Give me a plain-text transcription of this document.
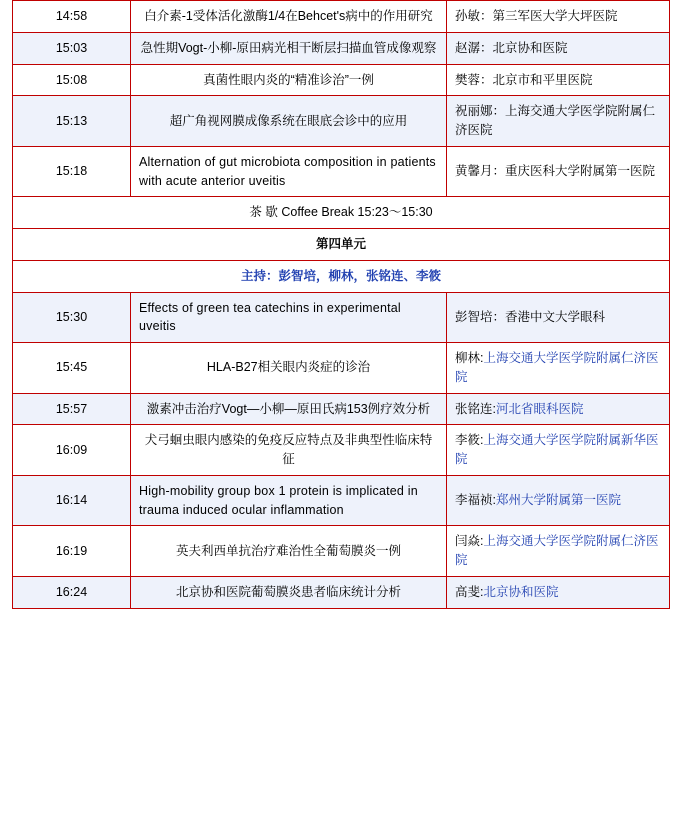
14:58	白介素-1受体活化激酶1/4在Behcet's病中的作用研究	孙敏：第三军医大学大坪医院
15:03	急性期Vogt-小柳-原田病光相干断层扫描血管成像观察	赵潺：北京协和医院
15:08	真菌性眼内炎的“精准诊治”一例	樊蓉：北京市和平里医院
15:13	超广角视网膜成像系统在眼底会诊中的应用	祝丽娜：上海交通大学医学院附属仁济医院
15:18	Alternation of gut microbiota composition in patients with acute anterior uveitis	黄馨月：重庆医科大学附属第一医院
茶 歇 Coffee Break 15:23～15:30		
第四单元		
主持：彭智培，柳林，张铭连、李筱		
15:30	Effects of green tea catechins in experimental uveitis	彭智培：香港中文大学眼科
15:45	HLA-B27相关眼内炎症的诊治	柳林:上海交通大学医学院附属仁济医院
15:57	激素冲击治疗Vogt—小柳—原田氏病153例疗效分析	张铭连:河北省眼科医院
16:09	犬弓蛔虫眼内感染的免疫反应特点及非典型性临床特征	李筱:上海交通大学医学院附属新华医院
16:14	High-mobility group box 1 protein is implicated in trauma induced ocular inflammation	李福祯:郑州大学附属第一医院
16:19	英夫利西单抗治疗难治性全葡萄膜炎一例	闫焱:上海交通大学医学院附属仁济医院
16:24	北京协和医院葡萄膜炎患者临床统计分析	高斐:北京协和医院
